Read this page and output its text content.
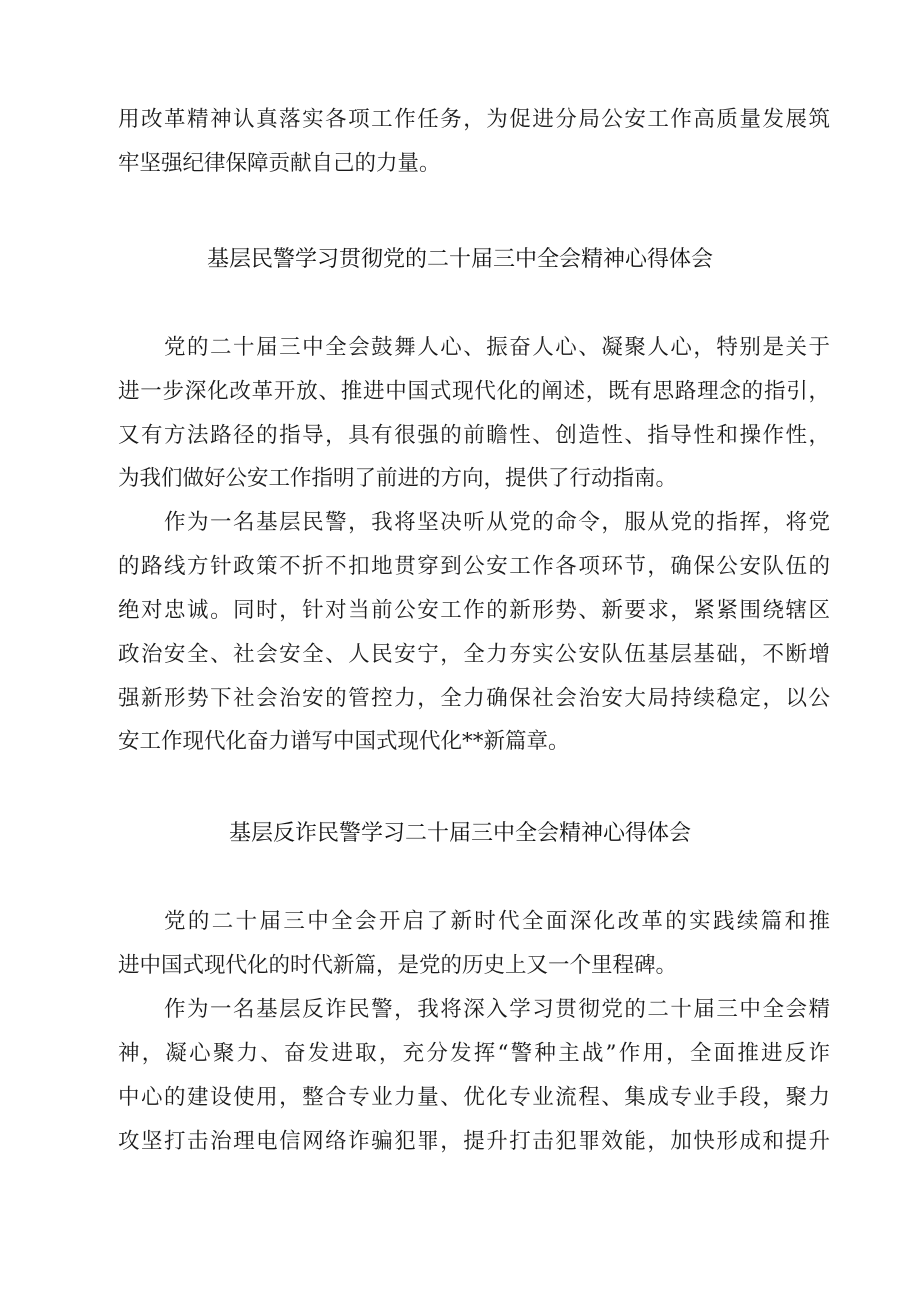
用改革精神认真落实各项工作任务，为促进分局公安工作高质量发展筑
牢坚强纪律保障贡献自己的力量。
基层民警学习贯彻党的二十届三中全会精神心得体会
党的二十届三中全会鼓舞人心、振奋人心、凝聚人心，特别是关于
进一步深化改革开放、推进中国式现代化的阐述，既有思路理念的指引，
又有方法路径的指导，具有很强的前瞻性、创造性、指导性和操作性，
为我们做好公安工作指明了前进的方向，提供了行动指南。
作为一名基层民警，我将坚决听从党的命令，服从党的指挥，将党
的路线方针政策不折不扣地贯穿到公安工作各项环节，确保公安队伍的
绝对忠诚。同时，针对当前公安工作的新形势、新要求，紧紧围绕辖区
政治安全、社会安全、人民安宁，全力夯实公安队伍基层基础，不断增
强新形势下社会治安的管控力，全力确保社会治安大局持续稳定，以公
安工作现代化奋力谱写中国式现代化**新篇章。
基层反诈民警学习二十届三中全会精神心得体会
党的二十届三中全会开启了新时代全面深化改革的实践续篇和推
进中国式现代化的时代新篇，是党的历史上又一个里程碑。
作为一名基层反诈民警，我将深入学习贯彻党的二十届三中全会精
神，凝心聚力、奋发进取，充分发挥“警种主战”作用，全面推进反诈
中心的建设使用，整合专业力量、优化专业流程、集成专业手段，聚力
攻坚打击治理电信网络诈骗犯罪，提升打击犯罪效能，加快形成和提升
